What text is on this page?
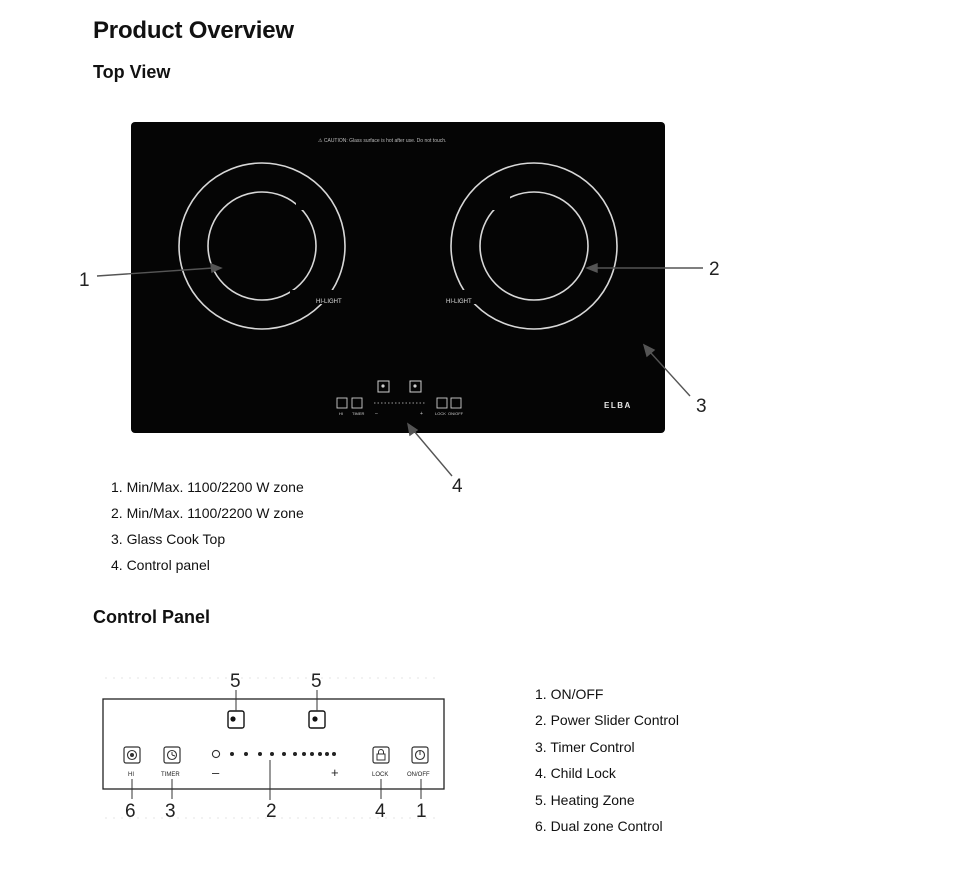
Product Overview
Top View
⚠ CAUTION: Glass surface is hot after use. Do not touch.
HI-LIGHT	HI-LIGHT
HI TIMER –	+	LOCK ON/OFF
ELBA
1
2
3
4
1. Min/Max. 1100/2200 W zone
2. Min/Max. 1100/2200 W zone
3. Glass Cook Top
4. Control panel
Control Panel
HI	TIMER –	+	LOCK	ON/OFF
5	5
6 3	2	4 1
1. ON/OFF
2. Power Slider Control
3. Timer Control
4. Child Lock
5. Heating Zone
6. Dual zone Control
